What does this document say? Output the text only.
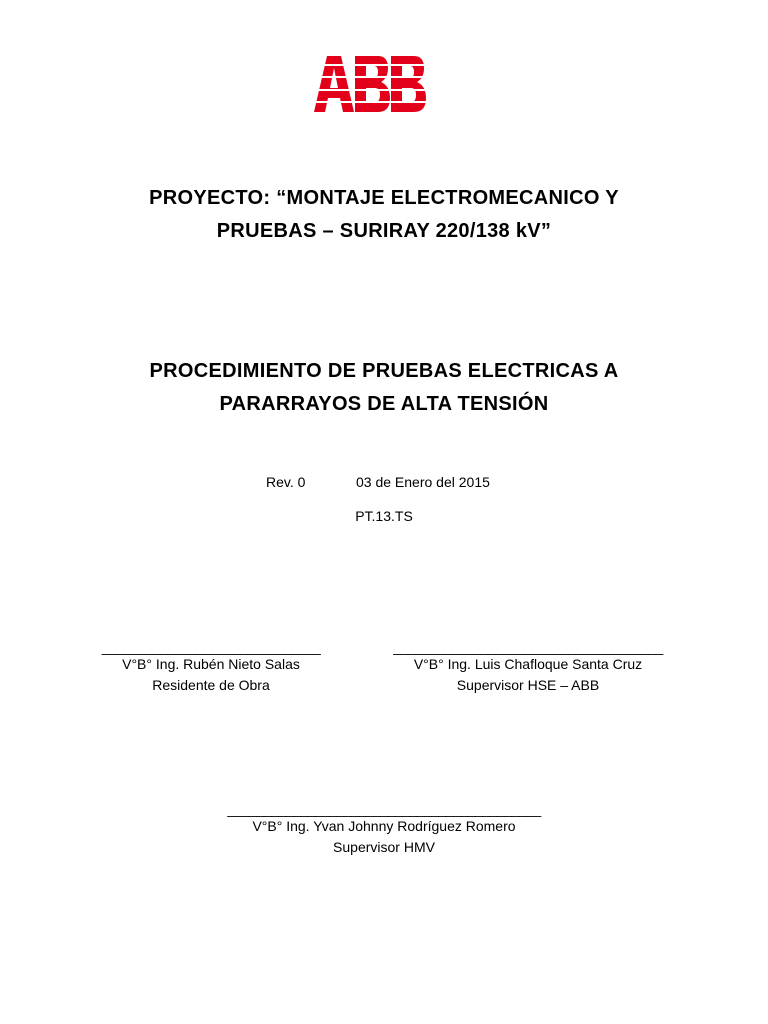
PROYECTO: “MONTAJE ELECTROMECANICO Y
PRUEBAS – SURIRAY 220/138 kV”
PROCEDIMIENTO DE PRUEBAS ELECTRICAS A
PARARRAYOS DE ALTA TENSIÓN
Rev. 0	03 de Enero del 2015
PT.13.TS
______________________________
V°B° Ing. Rubén Nieto Salas
Residente de Obra
_____________________________________
V°B° Ing. Luis Chafloque Santa Cruz
Supervisor HSE – ABB
___________________________________________
V°B° Ing. Yvan Johnny Rodríguez Romero
Supervisor HMV
